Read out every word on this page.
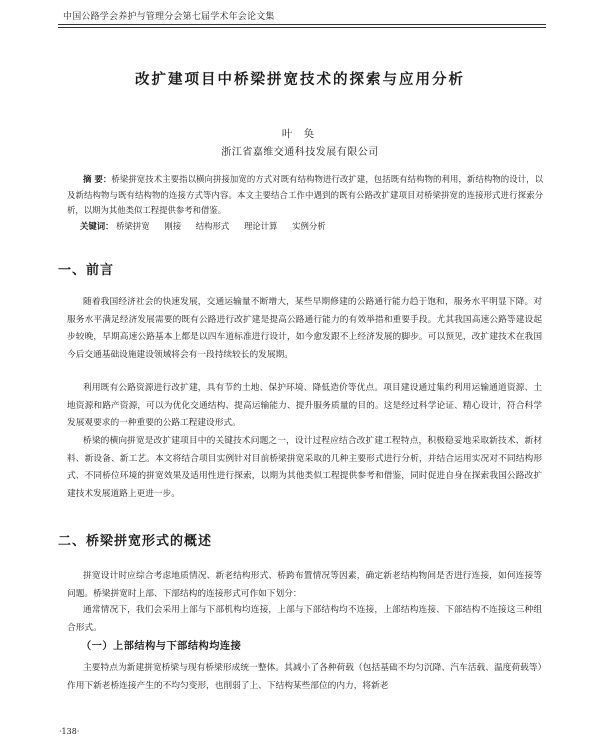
中国公路学会养护与管理分会第七届学术年会论文集
改扩建项目中桥梁拼宽技术的探索与应用分析
叶 奂
浙江省嘉维交通科技发展有限公司
摘 要：桥梁拼宽技术主要指以横向拼接加宽的方式对既有结构物进行改扩建，包括既有结构物的利用，新结构物的设计，以及新结构物与既有结构物的连接方式等内容。本文主要结合工作中遇到的既有公路改扩建项目对桥梁拼宽的连接形式进行探索分析，以期为其他类似工程提供参考和借鉴。
关键词： 桥梁拼宽 刚接 结构形式 理论计算 实例分析
一、前言

随着我国经济社会的快速发展，交通运输量不断增大，某些早期修建的公路通行能力趋于饱和，服务水平明显下降。对服务水平满足经济发展需要的既有公路进行改扩建是提高公路通行能力的有效举措和重要手段。尤其我国高速公路等建设起步较晚，早期高速公路基本上都是以四车道标准进行设计，如今愈发跟不上经济发展的脚步。可以预见，改扩建技术在我国今后交通基础设施建设领域将会有一段持续较长的发展期。

利用既有公路资源进行改扩建，具有节约土地、保护环境、降低造价等优点。项目建设通过集约利用运输通道资源、土地资源和路产资源，可以为优化交通结构、提高运输能力、提升服务质量的目的。这是经过科学论证、精心设计，符合科学发展观要求的一种重要的公路工程建设形式。

桥梁的横向拼宽是改扩建项目中的关键技术问题之一，设计过程应结合改扩建工程特点，积极稳妥地采取新技术、新材料、新设备、新工艺。本文将结合项目实例针对目前桥梁拼宽采取的几种主要形式进行分析，并结合运用实况对不同结构形式、不同桥位环境的拼宽效果及适用性进行探索，以期为其他类似工程提供参考和借鉴，同时促进自身在探索我国公路改扩建技术发展道路上更进一步。

二、桥梁拼宽形式的概述

拼宽设计时应综合考虑地质情况、新老结构形式、桥跨布置情况等因素，确定新老结构物间是否进行连接，如何连接等问题。桥梁拼宽时上部、下部结构的连接形式可作如下划分：

通常情况下，我们会采用上部与下部机构均连接，上部与下部结构均不连接，上部结构连接、下部结构不连接这三种组合形式。

（一）上部结构与下部结构均连接

主要特点为新建拼宽桥梁与现有桥梁形成统一整体。其减小了各种荷载（包括基础不均匀沉降、汽车活载、温度荷载等）作用下新老桥连接产生的不均匀变形，也削弱了上、下结构某些部位的内力，将新老

·138·
